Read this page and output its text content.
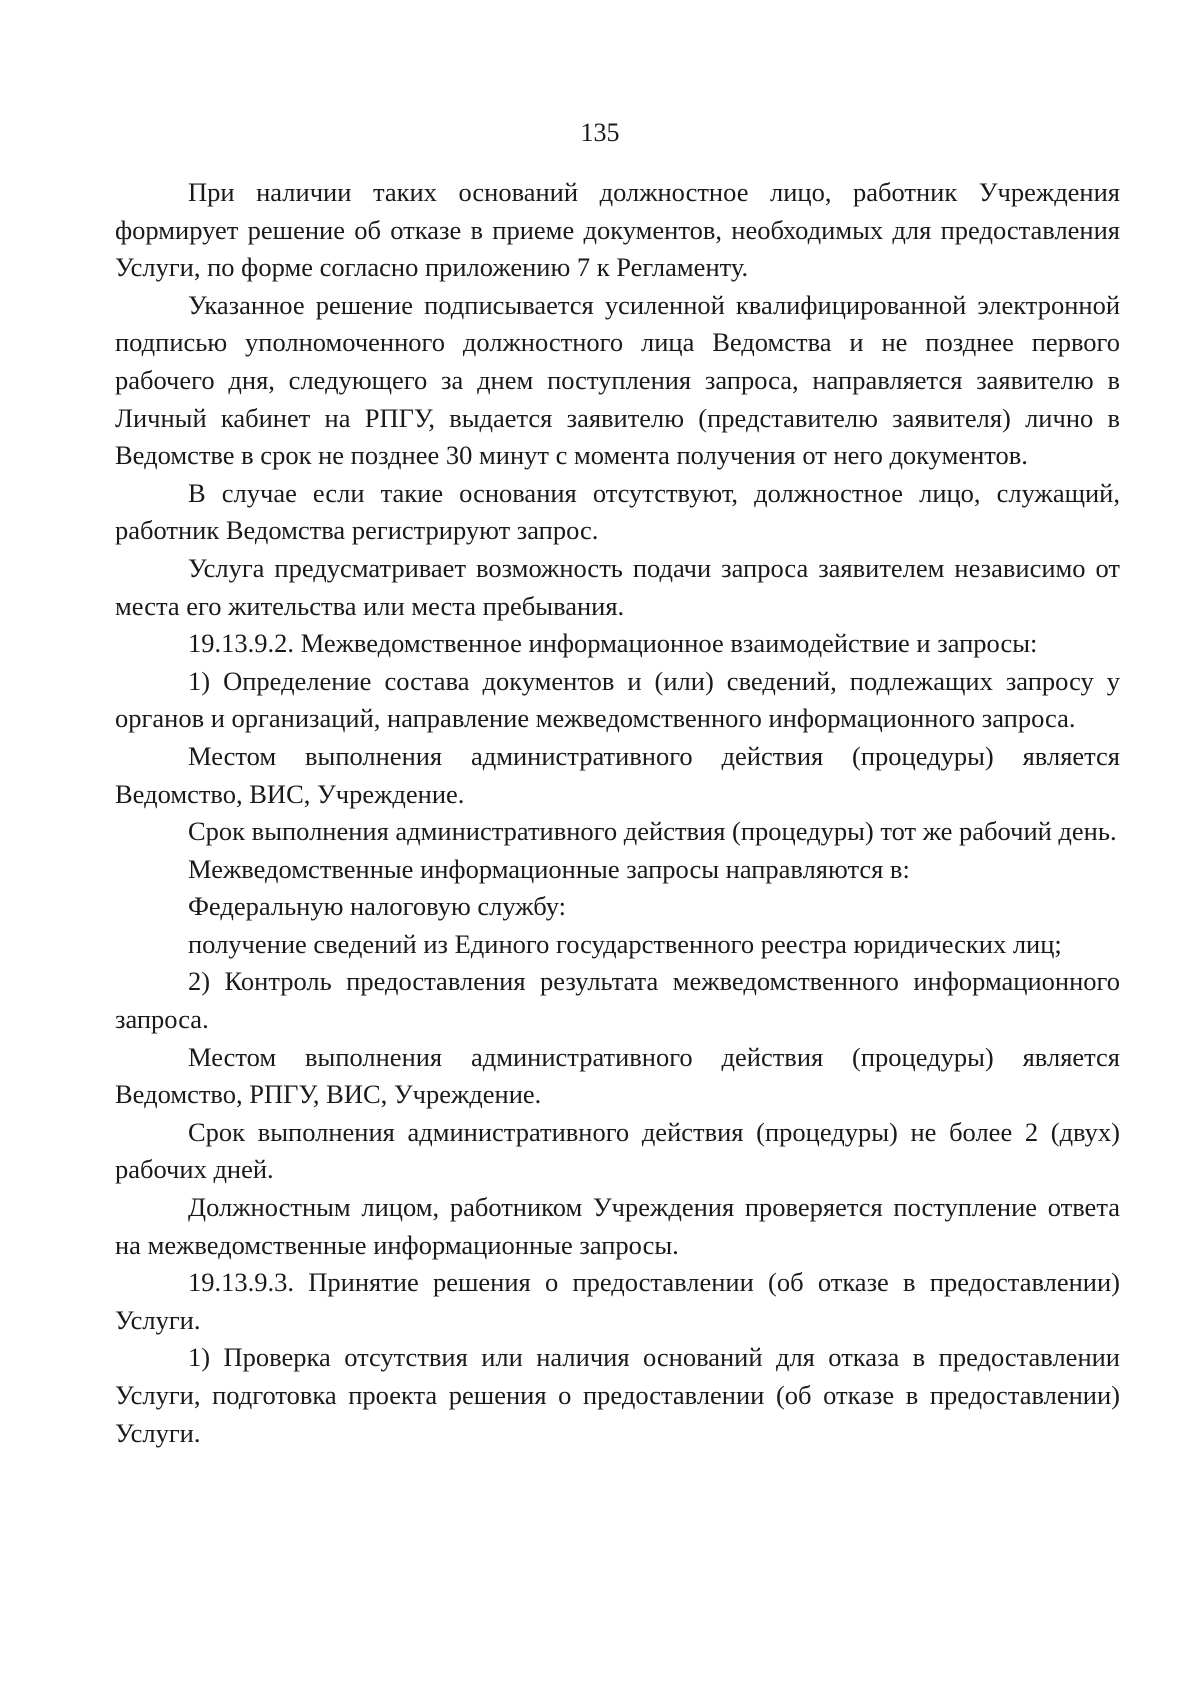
135

При наличии таких оснований должностное лицо, работник Учреждения формирует решение об отказе в приеме документов, необходимых для предоставления Услуги, по форме согласно приложению 7 к Регламенту.

Указанное решение подписывается усиленной квалифицированной электронной подписью уполномоченного должностного лица Ведомства и не позднее первого рабочего дня, следующего за днем поступления запроса, направляется заявителю в Личный кабинет на РПГУ, выдается заявителю (представителю заявителя) лично в Ведомстве в срок не позднее 30 минут с момента получения от него документов.

В случае если такие основания отсутствуют, должностное лицо, служащий, работник Ведомства регистрируют запрос.

Услуга предусматривает возможность подачи запроса заявителем независимо от места его жительства или места пребывания.

19.13.9.2. Межведомственное информационное взаимодействие и запросы:

1) Определение состава документов и (или) сведений, подлежащих запросу у органов и организаций, направление межведомственного информационного запроса.

Местом выполнения административного действия (процедуры) является Ведомство, ВИС, Учреждение.

Срок выполнения административного действия (процедуры) тот же рабочий день.

Межведомственные информационные запросы направляются в:

Федеральную налоговую службу:

получение сведений из Единого государственного реестра юридических лиц;

2) Контроль предоставления результата межведомственного информационного запроса.

Местом выполнения административного действия (процедуры) является Ведомство, РПГУ, ВИС, Учреждение.

Срок выполнения административного действия (процедуры) не более 2 (двух) рабочих дней.

Должностным лицом, работником Учреждения проверяется поступление ответа на межведомственные информационные запросы.

19.13.9.3. Принятие решения о предоставлении (об отказе в предоставлении) Услуги.

1) Проверка отсутствия или наличия оснований для отказа в предоставлении Услуги, подготовка проекта решения о предоставлении (об отказе в предоставлении) Услуги.
